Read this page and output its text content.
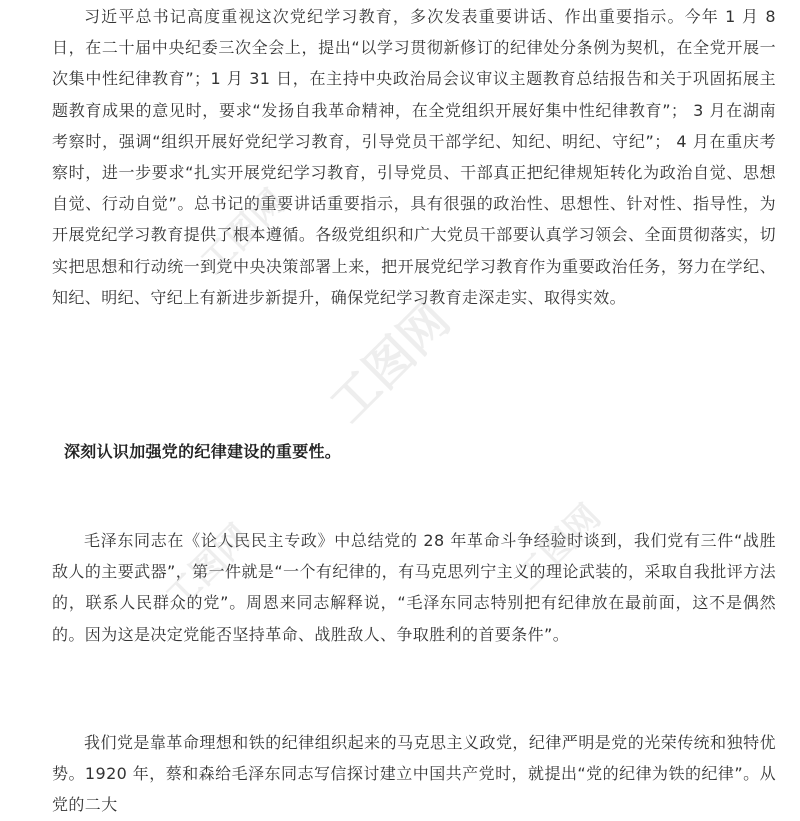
习近平总书记高度重视这次党纪学习教育，多次发表重要讲话、作出重要指示。今年 1 月 8 日，在二十届中央纪委三次全会上，提出“以学习贯彻新修订的纪律处分条例为契机，在全党开展一次集中性纪律教育”；1 月 31 日，在主持中央政治局会议审议主题教育总结报告和关于巩固拓展主题教育成果的意见时，要求“发扬自我革命精神，在全党组织开展好集中性纪律教育”； 3 月在湖南考察时，强调“组织开展好党纪学习教育，引导党员干部学纪、知纪、明纪、守纪”； 4 月在重庆考察时，进一步要求“扎实开展党纪学习教育，引导党员、干部真正把纪律规矩转化为政治自觉、思想自觉、行动自觉”。总书记的重要讲话重要指示，具有很强的政治性、思想性、针对性、指导性，为开展党纪学习教育提供了根本遵循。各级党组织和广大党员干部要认真学习领会、全面贯彻落实，切实把思想和行动统一到党中央决策部署上来，把开展党纪学习教育作为重要政治任务，努力在学纪、知纪、明纪、守纪上有新进步新提升，确保党纪学习教育走深走实、取得实效。

深刻认识加强党的纪律建设的重要性。

毛泽东同志在《论人民民主专政》中总结党的 28 年革命斗争经验时谈到，我们党有三件“战胜敌人的主要武器”，第一件就是“一个有纪律的，有马克思列宁主义的理论武装的，采取自我批评方法的，联系人民群众的党”。周恩来同志解释说，“毛泽东同志特别把有纪律放在最前面，这不是偶然的。因为这是决定党能否坚持革命、战胜敌人、争取胜利的首要条件”。

我们党是靠革命理想和铁的纪律组织起来的马克思主义政党，纪律严明是党的光荣传统和独特优势。1920 年，蔡和森给毛泽东同志写信探讨建立中国共产党时，就提出“党的纪律为铁的纪律”。从党的二大

工图网
工图网
工图网	工图网
